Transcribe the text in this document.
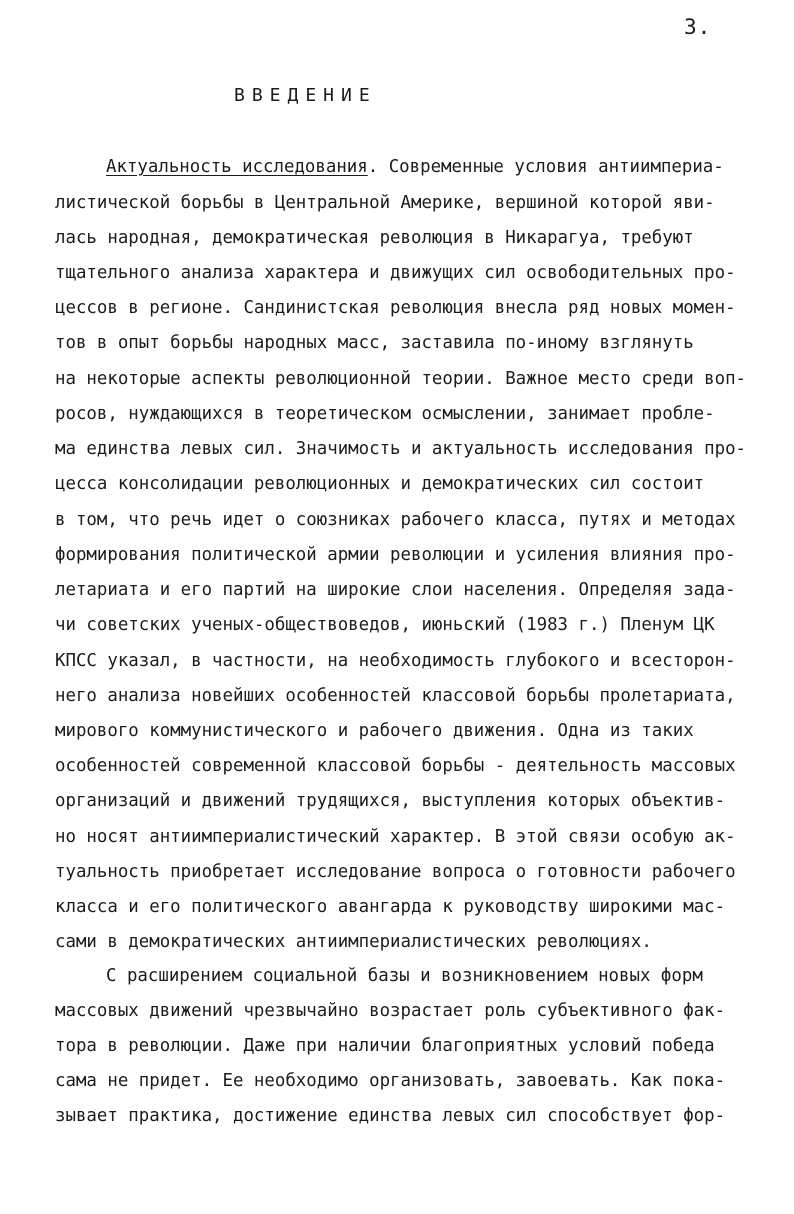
3.
ВВЕДЕНИЕ
Актуальность исследования. Современные условия антиимпериа-
листической борьбы в Центральной Америке, вершиной которой яви-
лась народная, демократическая революция в Никарагуа, требуют
тщательного анализа характера и движущих сил освободительных про-
цессов в регионе. Сандинистская революция внесла ряд новых момен-
тов в опыт борьбы народных масс, заставила по-иному взглянуть
на некоторые аспекты революционной теории. Важное место среди воп-
росов, нуждающихся в теоретическом осмыслении, занимает пробле-
ма единства левых сил. Значимость и актуальность исследования про-
цесса консолидации революционных и демократических сил состоит
в том, что речь идет о союзниках рабочего класса, путях и методах
формирования политической армии революции и усиления влияния про-
летариата и его партий на широкие слои населения. Определяя зада-
чи советских ученых-обществоведов, июньский (1983 г.) Пленум ЦК
КПСС указал, в частности, на необходимость глубокого и всесторон-
него анализа новейших особенностей классовой борьбы пролетариата,
мирового коммунистического и рабочего движения. Одна из таких
особенностей современной классовой борьбы - деятельность массовых
организаций и движений трудящихся, выступления которых объектив-
но носят антиимпериалистический характер. В этой связи особую ак-
туальность приобретает исследование вопроса о готовности рабочего
класса и его политического авангарда к руководству широкими мас-
сами в демократических антиимпериалистических революциях.
С расширением социальной базы и возникновением новых форм
массовых движений чрезвычайно возрастает роль субъективного фак-
тора в революции. Даже при наличии благоприятных условий победа
сама не придет. Ее необходимо организовать, завоевать. Как пока-
зывает практика, достижение единства левых сил способствует фор-
